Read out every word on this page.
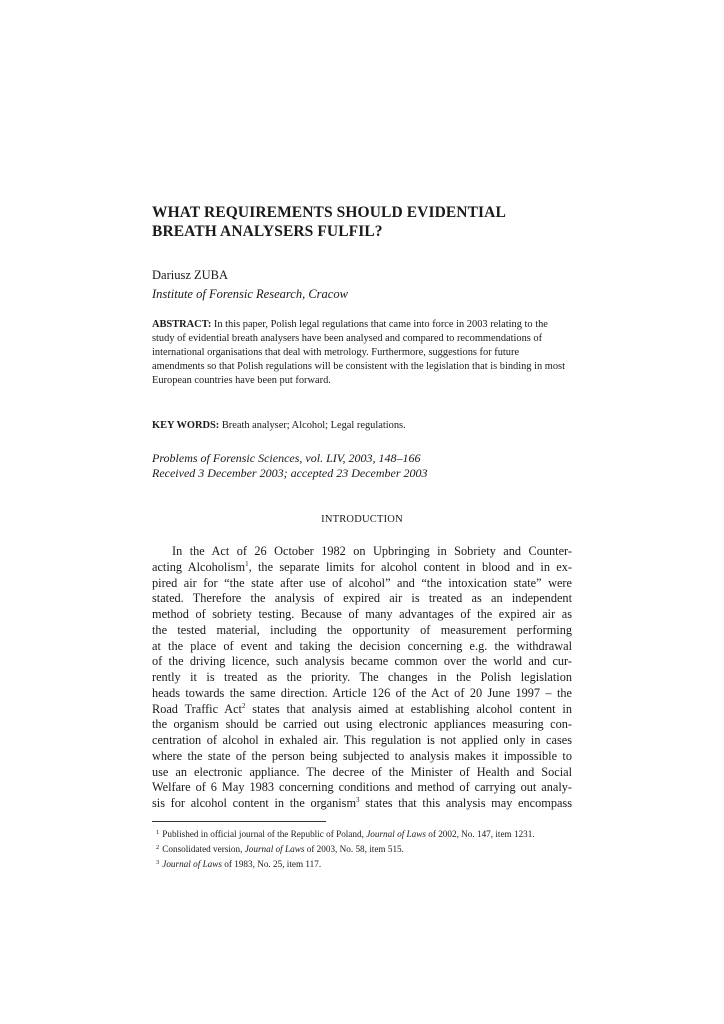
WHAT REQUIREMENTS SHOULD EVIDENTIAL
BREATH ANALYSERS FULFIL?
Dariusz ZUBA
Institute of Forensic Research, Cracow
ABSTRACT: In this paper, Polish legal regulations that came into force in 2003 relating to the study of evidential breath analysers have been analysed and compared to recommendations of international organisations that deal with metrology. Furthermore, suggestions for future amendments so that Polish regulations will be consistent with the legislation that is binding in most European countries have been put forward.
KEY WORDS: Breath analyser; Alcohol; Legal regulations.
Problems of Forensic Sciences, vol. LIV, 2003, 148–166
Received 3 December 2003; accepted 23 December 2003
INTRODUCTION
In the Act of 26 October 1982 on Upbringing in Sobriety and Counter-
acting Alcoholism$^1$, the separate limits for alcohol content in blood and in ex-
pired air for “the state after use of alcohol” and “the intoxication state” were
stated. Therefore the analysis of expired air is treated as an independent
method of sobriety testing. Because of many advantages of the expired air as
the tested material, including the opportunity of measurement performing
at the place of event and taking the decision concerning e.g. the withdrawal
of the driving licence, such analysis became common over the world and cur-
rently it is treated as the priority. The changes in the Polish legislation
heads towards the same direction. Article 126 of the Act of 20 June 1997 – the
Road Traffic Act$^2$ states that analysis aimed at establishing alcohol content in
the organism should be carried out using electronic appliances measuring con-
centration of alcohol in exhaled air. This regulation is not applied only in cases
where the state of the person being subjected to analysis makes it impossible to
use an electronic appliance. The decree of the Minister of Health and Social
Welfare of 6 May 1983 concerning conditions and method of carrying out analy-
sis for alcohol content in the organism$^3$ states that this analysis may encompass
$^1$ Published in official journal of the Republic of Poland, Journal of Laws of 2002, No. 147, item 1231.
$^2$ Consolidated version, Journal of Laws of 2003, No. 58, item 515.
$^3$ Journal of Laws of 1983, No. 25, item 117.
